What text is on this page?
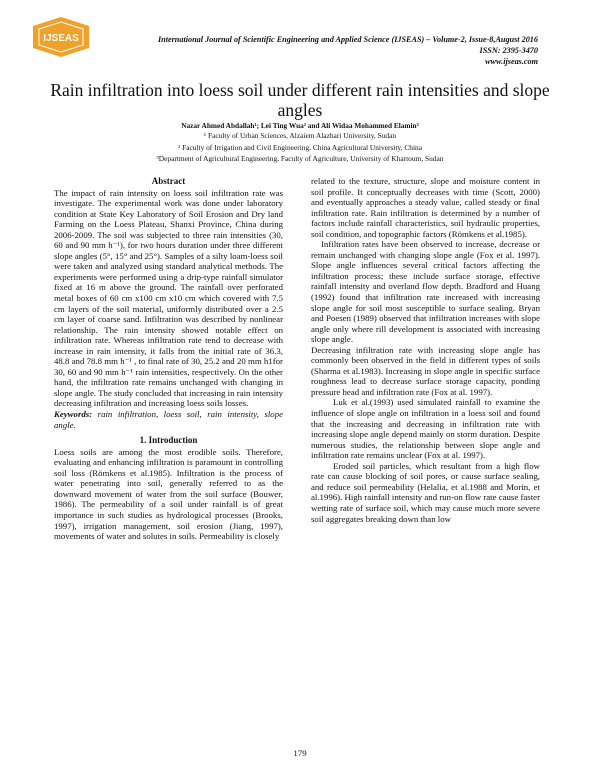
IJSEAS	International Journal of Scientific Engineering and Applied Science (IJSEAS) – Volume-2, Issue-8,August 2016
ISSN: 2395-3470
www.ijseas.com
Rain infiltration into loess soil under different rain intensities and slope angles
Nazar Ahmed Abdallah¹; Lei Ting Wua² and Ali Widaa Mohammed Elamin³
¹ Faculty of Urban Sciences, Alzaiem Alazhari University, Sudan
² Faculty of Irrigation and Civil Engineering, China Agricultural University, China
³Department of Agricultural Engineering, Faculty of Agriculture, University of Khartoum, Sudan

Abstract

The impact of rain intensity on loess soil infiltration rate was investigate. The experimental work was done under laboratory condition at State Key Laboratory of Soil Erosion and Dry land Farming on the Loess Plateau, Shanxi Province, China during 2006-2009. The soil was subjected to three rain intensities (30, 60 and 90 mm h⁻¹), for two hours duration under three different slope angles (5°, 15° and 25°). Samples of a silty loam-loess soil were taken and analyzed using standard analytical methods. The experiments were performed using a drip-type rainfall simulator fixed at 16 m above the ground. The rainfall over perforated metal boxes of 60 cm x100 cm x10 cm which covered with 7.5 cm layers of the soil material, uniformly distributed over a 2.5 cm layer of coarse sand. Infiltration was described by nonlinear relationship. The rain intensity showed notable effect on infiltration rate. Whereas infiltration rate tend to decrease with increase in rain intensity, it falls from the initial rate of 36.3, 48.8 and 78.8 mm h⁻¹ , to final rate of 30, 25.2 and 20 mm h1for 30, 60 and 90 mm h⁻¹ rain intensities, respectively. On the other hand, the infiltration rate remains unchanged with changing in slope angle. The study concluded that increasing in rain intensity decreasing infiltration and increasing loess soils losses.

Keywords: rain infiltration, loess soil, rain intensity, slope angle.

1. Introduction

Loess soils are among the most erodible soils. Therefore, evaluating and enhancing infiltration is paramount in controlling soil loss (Römkens et al.1985). Infiltration is the process of water penetrating into soil, generally referred to as the downward movement of water from the soil surface (Bouwer, 1986). The permeability of a soil under rainfall is of great importance in such studies as hydrological processes (Brooks, 1997), irrigation management, soil erosion (Jiang, 1997), movements of water and solutes in soils. Permeability is closely

related to the texture, structure, slope and moisture content in soil profile. It conceptually decreases with time (Scott, 2000) and eventually approaches a steady value, called steady or final infiltration rate. Rain infiltration is determined by a number of factors include rainfall characteristics, soil hydraulic properties, soil condition, and topographic factors (Römkens et al.1985).

Infiltration rates have been observed to increase, decrease or remain unchanged with changing slope angle (Fox et al. 1997). Slope angle influences several critical factors affecting the infiltration process; these include surface storage, effective rainfall intensity and overland flow depth. Bradford and Huang (1992) found that infiltration rate increased with increasing slope angle for soil most susceptible to surface sealing. Bryan and Poesen (1989) observed that infiltration increases with slope angle only where rill development is associated with increasing slope angle.

Decreasing infiltration rate with increasing slope angle has commonly been observed in the field in different types of soils (Sharma et al.1983). Increasing in slope angle in specific surface roughness lead to decrease surface storage capacity, ponding pressure head and infiltration rate (Fox at al. 1997).

Luk et al.(1993) used simulated rainfall to examine the influence of slope angle on infiltration in a loess soil and found that the increasing and decreasing in infiltration rate with increasing slope angle depend mainly on storm duration. Despite numerous studies, the relationship between slope angle and infiltration rate remains unclear (Fox at al. 1997).

Eroded soil particles, which resultant from a high flow rate can cause blocking of soil pores, or cause surface sealing, and reduce soil permeability (Helalia, et al.1988 and Morin, et al.1996). High rainfall intensity and run-on flow rate cause faster wetting rate of surface soil, which may cause much more severe soil aggregates breaking down than low

179
